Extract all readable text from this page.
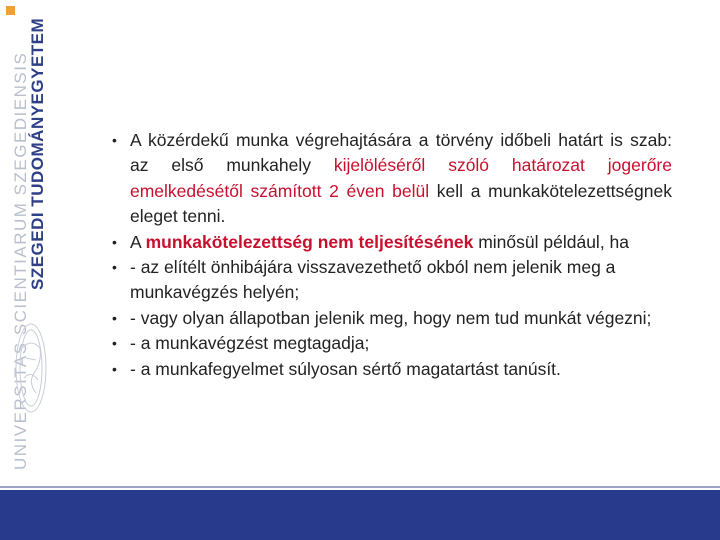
UNIVERSITAS SCIENTIARUM SZEGEDIENSIS
SZEGEDI TUDOMÁNYEGYETEM	• A közérdekű munka végrehajtására a törvény időbeli határt is szab: az első munkahely kijelöléséről szóló határozat jogerőre emelkedésétől számított 2 éven belül kell a munkakötelezettségnek eleget tenni.
• A munkakötelezettség nem teljesítésének minősül például, ha
• - az elítélt önhibájára visszavezethető okból nem jelenik meg a munkavégzés helyén;
• - vagy olyan állapotban jelenik meg, hogy nem tud munkát végezni;
• - a munkavégzést megtagadja;
• - a munkafegyelmet súlyosan sértő magatartást tanúsít.
